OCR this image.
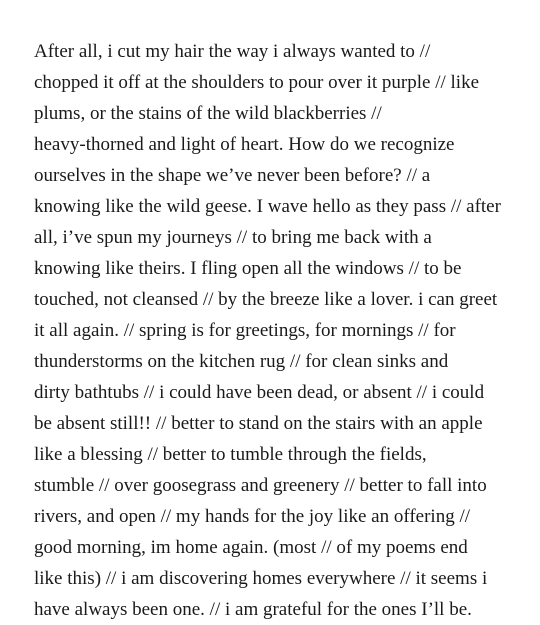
After all, i cut my hair the way i always wanted to //
chopped it off at the shoulders to pour over it purple // like
plums, or the stains of the wild blackberries //
heavy-thorned and light of heart. How do we recognize
ourselves in the shape we’ve never been before? // a
knowing like the wild geese. I wave hello as they pass // after
all, i’ve spun my journeys // to bring me back with a
knowing like theirs. I fling open all the windows // to be
touched, not cleansed // by the breeze like a lover. i can greet
it all again. // spring is for greetings, for mornings // for
thunderstorms on the kitchen rug // for clean sinks and
dirty bathtubs // i could have been dead, or absent // i could
be absent still!! // better to stand on the stairs with an apple
like a blessing // better to tumble through the fields,
stumble // over goosegrass and greenery // better to fall into
rivers, and open // my hands for the joy like an offering //
good morning, im home again. (most // of my poems end
like this) // i am discovering homes everywhere // it seems i
have always been one. // i am grateful for the ones I’ll be.
